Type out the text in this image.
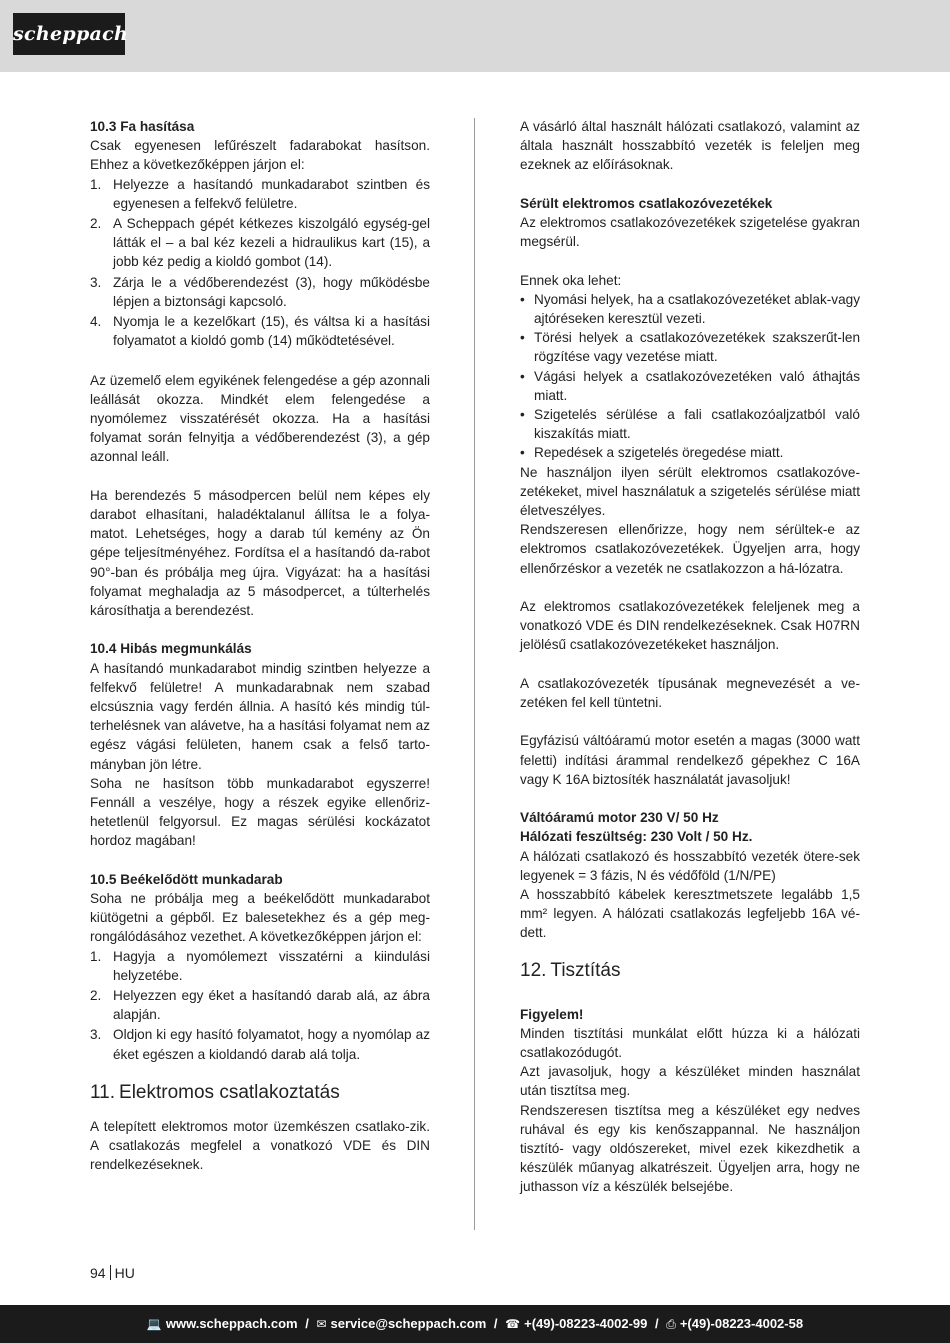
scheppach
10.3 Fa hasítása
Csak egyenesen lefűrészelt fadarabokat hasítson. Ehhez a következőképpen járjon el:
1. Helyezze a hasítandó munkadarabot szintben és egyenesen a felfekvő felületre.
2. A Scheppach gépét kétkezes kiszolgáló egység-gel látták el – a bal kéz kezeli a hidraulikus kart (15), a jobb kéz pedig a kioldó gombot (14).
3. Zárja le a védőberendezést (3), hogy működésbe lépjen a biztonsági kapcsoló.
4. Nyomja le a kezelőkart (15), és váltsa ki a hasítási folyamatot a kioldó gomb (14) működtetésével.
Az üzemelő elem egyikének felengedése a gép azonnali leállását okozza. Mindkét elem felengedése a nyomólemez visszatérését okozza. Ha a hasítási folyamat során felnyitja a védőberendezést (3), a gép azonnal leáll.
Ha berendezés 5 másodpercen belül nem képes ely darabot elhasítani, haladéktalanul állítsa le a folya-matot. Lehetséges, hogy a darab túl kemény az Ön gépe teljesítményéhez. Fordítsa el a hasítandó da-rabot 90°-ban és próbálja meg újra. Vigyázat: ha a hasítási folyamat meghaladja az 5 másodpercet, a túlterhelés károsíthatja a berendezést.
10.4 Hibás megmunkálás
A hasítandó munkadarabot mindig szintben helyezze a felfekvő felületre! A munkadarabnak nem szabad elcsúsznia vagy ferdén állnia. A hasító kés mindig túl-terhelésnek van alávetve, ha a hasítási folyamat nem az egész vágási felületen, hanem csak a felső tarto-mányban jön létre.
Soha ne hasítson több munkadarabot egyszerre! Fennáll a veszélye, hogy a részek egyike ellenőriz-hetetlenül felgyorsul. Ez magas sérülési kockázatot hordoz magában!
10.5 Beékelődött munkadarab
Soha ne próbálja meg a beékelődött munkadarabot kiütögetni a gépből. Ez balesetekhez és a gép meg-rongálódásához vezethet. A következőképpen járjon el:
1. Hagyja a nyomólemezt visszatérni a kiindulási helyzetébe.
2. Helyezzen egy éket a hasítandó darab alá, az ábra alapján.
3. Oldjon ki egy hasító folyamatot, hogy a nyomólap az éket egészen a kioldandó darab alá tolja.
11. Elektromos csatlakoztatás
A telepített elektromos motor üzemkészen csatlako-zik. A csatlakozás megfelel a vonatkozó VDE és DIN rendelkezéseknek.
A vásárló által használt hálózati csatlakozó, valamint az általa használt hosszabbító vezeték is feleljen meg ezeknek az előírásoknak.
Sérült elektromos csatlakozóvezetékek
Az elektromos csatlakozóvezetékek szigetelése gyakran megsérül.
Ennek oka lehet:
• Nyomási helyek, ha a csatlakozóvezetéket ablak-vagy ajtóréseken keresztül vezeti.
• Törési helyek a csatlakozóvezetékek szakszerűt-len rögzítése vagy vezetése miatt.
• Vágási helyek a csatlakozóvezetéken való áthajtás miatt.
• Szigetelés sérülése a fali csatlakozóaljzatból való kiszakítás miatt.
• Repedések a szigetelés öregedése miatt.
Ne használjon ilyen sérült elektromos csatlakozóve-zetékeket, mivel használatuk a szigetelés sérülése miatt életveszélyes.
Rendszeresen ellenőrizze, hogy nem sérültek-e az elektromos csatlakozóvezetékek. Ügyeljen arra, hogy ellenőrzéskor a vezeték ne csatlakozzon a há-lózatra.
Az elektromos csatlakozóvezetékek feleljenek meg a vonatkozó VDE és DIN rendelkezéseknek. Csak H07RN jelölésű csatlakozóvezetékeket használjon.
A csatlakozóvezeték típusának megnevezését a ve-zetéken fel kell tüntetni.
Egyfázisú váltóáramú motor esetén a magas (3000 watt feletti) indítási árammal rendelkező gépekhez C 16A vagy K 16A biztosíték használatát javasoljuk!
Váltóáramú motor 230 V/ 50 Hz
Hálózati feszültség: 230 Volt / 50 Hz.
A hálózati csatlakozó és hosszabbító vezeték ötere-sek legyenek = 3 fázis, N és védőföld (1/N/PE)
A hosszabbító kábelek keresztmetszete legalább 1,5 mm² legyen. A hálózati csatlakozás legfeljebb 16A vé-dett.
12. Tisztítás
Figyelem!
Minden tisztítási munkálat előtt húzza ki a hálózati csatlakozódugót.
Azt javasoljuk, hogy a készüléket minden használat után tisztítsa meg.
Rendszeresen tisztítsa meg a készüléket egy nedves ruhával és egy kis kenőszappannal. Ne használjon tisztító- vagy oldószereket, mivel ezek kikezdhetik a készülék műanyag alkatrészeit. Ügyeljen arra, hogy ne juthasson víz a készülék belsejébe.
94 HU
💻 www.scheppach.com / ✉ service@scheppach.com / ☎ +(49)-08223-4002-99 / ⎙ +(49)-08223-4002-58
